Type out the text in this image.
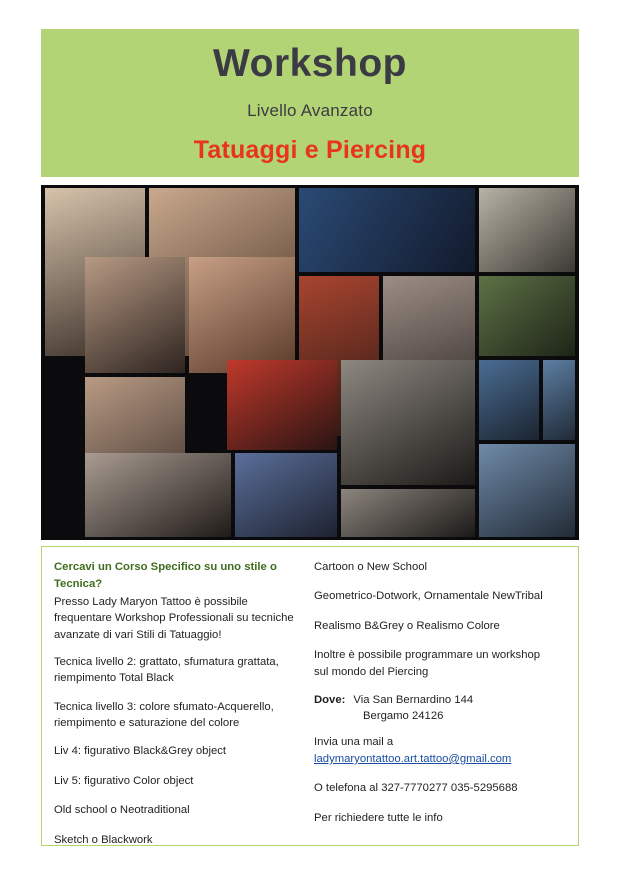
Workshop
Livello Avanzato
Tatuaggi e Piercing
Cercavi un Corso Specifico su uno stile o
Tecnica?
Presso Lady Maryon Tattoo è possibile frequentare Workshop Professionali su tecniche avanzate di vari Stili di Tatuaggio!
Tecnica livello 2: grattato, sfumatura grattata, riempimento Total Black
Tecnica livello 3: colore sfumato-Acquerello, riempimento e saturazione del colore
Liv 4: figurativo Black&Grey object
Liv 5: figurativo Color object
Old school o Neotraditional
Sketch o Blackwork
Cartoon o New School
Geometrico-Dotwork, Ornamentale NewTribal
Realismo B&Grey o Realismo Colore
Inoltre è possibile programmare un workshop
sul mondo del Piercing
Dove: Via San Bernardino 144
Bergamo 24126
Invia una mail a
ladymaryontattoo.art.tattoo@gmail.com
O telefona al 327-7770277 035-5295688
Per richiedere tutte le info
